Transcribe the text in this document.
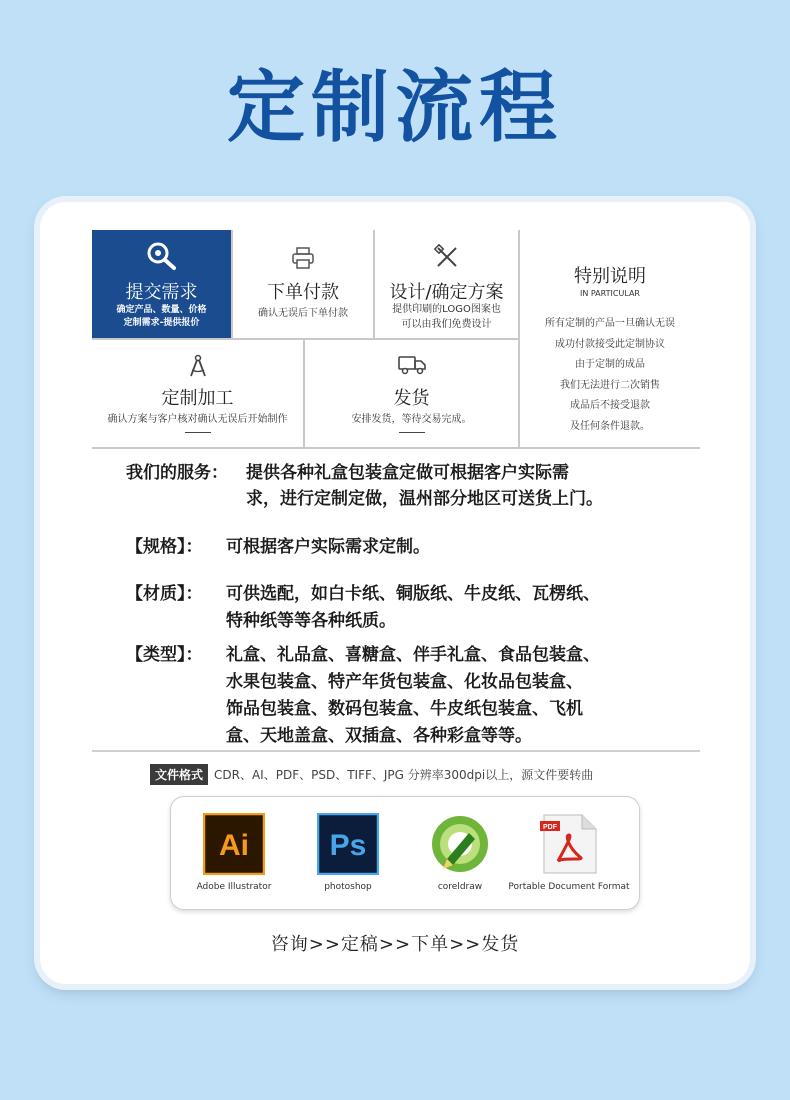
定制流程
提交需求
确定产品、数量、价格
定制需求-提供报价
下单付款
确认无误后下单付款
设计/确定方案
提供印刷的LOGO图案也
可以由我们免费设计
特别说明
IN PARTICULAR
所有定制的产品一旦确认无误
成功付款接受此定制协议
由于定制的成品
我们无法进行二次销售
成品后不接受退款
及任何条件退款。
定制加工
确认方案与客户核对确认无误后开始制作
发货
安排发货，等待交易完成。
我们的服务： 提供各种礼盒包装盒定做可根据客户实际需
求，进行定制定做，温州部分地区可送货上门。
【规格】： 可根据客户实际需求定制。
【材质】： 可供选配，如白卡纸、铜版纸、牛皮纸、瓦楞纸、
特种纸等等各种纸质。
【类型】： 礼盒、礼品盒、喜糖盒、伴手礼盒、食品包装盒、
水果包装盒、特产年货包装盒、化妆品包装盒、
饰品包装盒、数码包装盒、牛皮纸包装盒、飞机
盒、天地盖盒、双插盒、各种彩盒等等。
文件格式 CDR、AI、PDF、PSD、TIFF、JPG 分辨率300dpi以上，源文件要转曲
Ai
Adobe Illustrator
Ps
photoshop	coreldraw
PDF
Portable Document Format
咨询>>定稿>>下单>>发货
